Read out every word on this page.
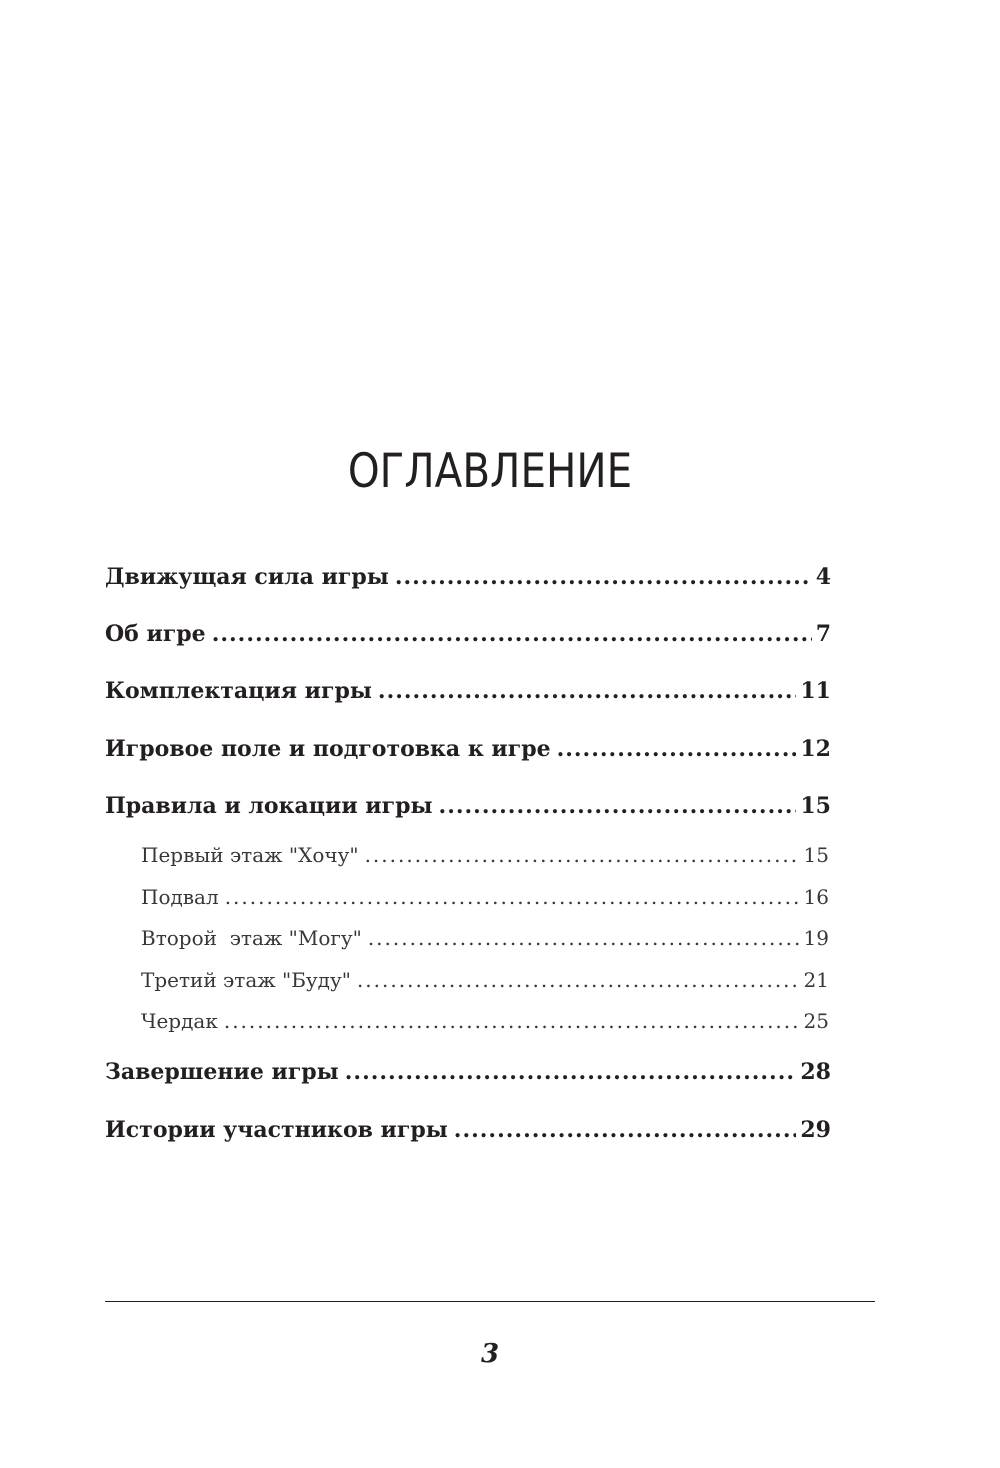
ОГЛАВЛЕНИЕ
Движущая сила игры .....	4
Об игре .....	7
Комплектация игры .....	11
Игровое поле и подготовка к игре .....	12
Правила и локации игры .....	15
Первый этаж "Хочу" .....	15
Подвал .....	16
Второй  этаж "Могу" .....	19
Третий этаж "Буду" .....	21
Чердак .....	25
Завершение игры .....	28
Истории участников игры .....	29
3
